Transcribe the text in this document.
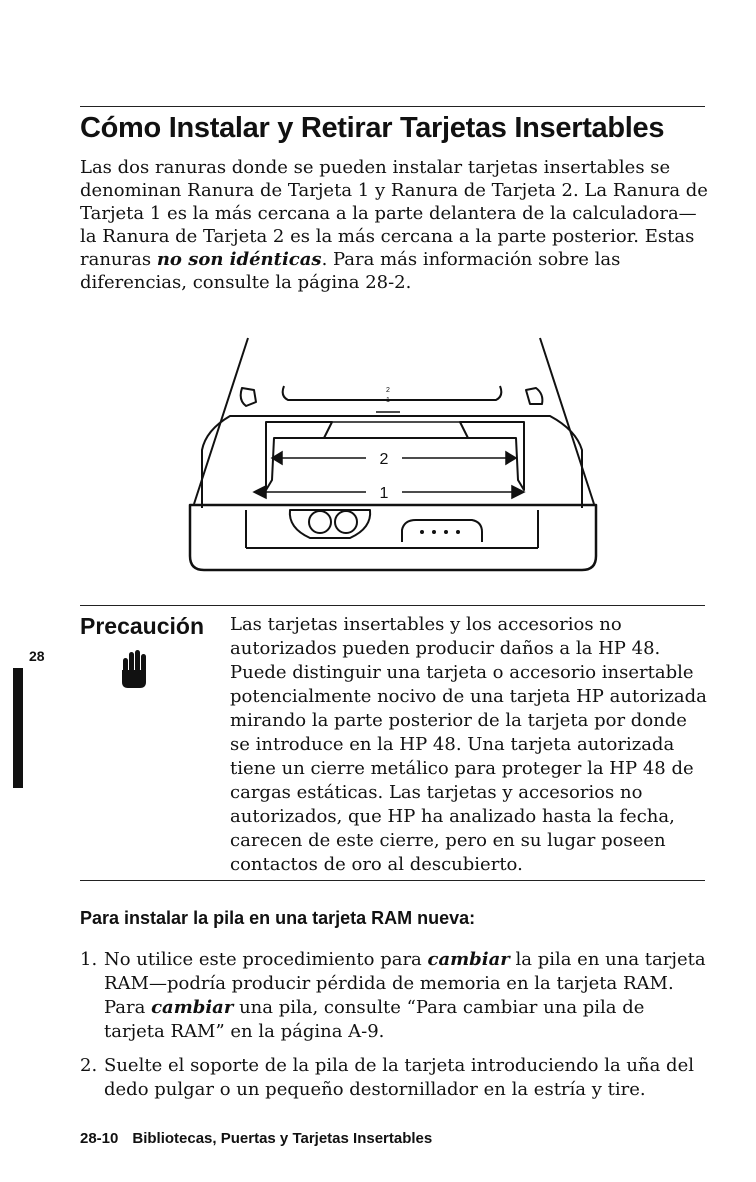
Cómo Instalar y Retirar Tarjetas Insertables

Las dos ranuras donde se pueden instalar tarjetas insertables se denominan Ranura de Tarjeta 1 y Ranura de Tarjeta 2. La Ranura de Tarjeta 1 es la más cercana a la parte delantera de la calculadora— la Ranura de Tarjeta 2 es la más cercana a la parte posterior. Estas ranuras no son idénticas. Para más información sobre las diferencias, consulte la página 28-2.

2
1
2
1
Precaución Las tarjetas insertables y los accesorios no autorizados pueden producir daños a la HP 48. Puede distinguir una tarjeta o accesorio insertable potencialmente nocivo de una tarjeta HP autorizada mirando la parte posterior de la tarjeta por donde se introduce en la HP 48. Una tarjeta autorizada tiene un cierre metálico para proteger la HP 48 de cargas estáticas. Las tarjetas y accesorios no autorizados, que HP ha analizado hasta la fecha, carecen de este cierre, pero en su lugar poseen contactos de oro al descubierto.

28
Para instalar la pila en una tarjeta RAM nueva:
1. No utilice este procedimiento para cambiar la pila en una tarjeta RAM—podría producir pérdida de memoria en la tarjeta RAM. Para cambiar una pila, consulte “Para cambiar una pila de tarjeta RAM” en la página A-9.
2. Suelte el soporte de la pila de la tarjeta introduciendo la uña del dedo pulgar o un pequeño destornillador en la estría y tire.
28-10 Bibliotecas, Puertas y Tarjetas Insertables
